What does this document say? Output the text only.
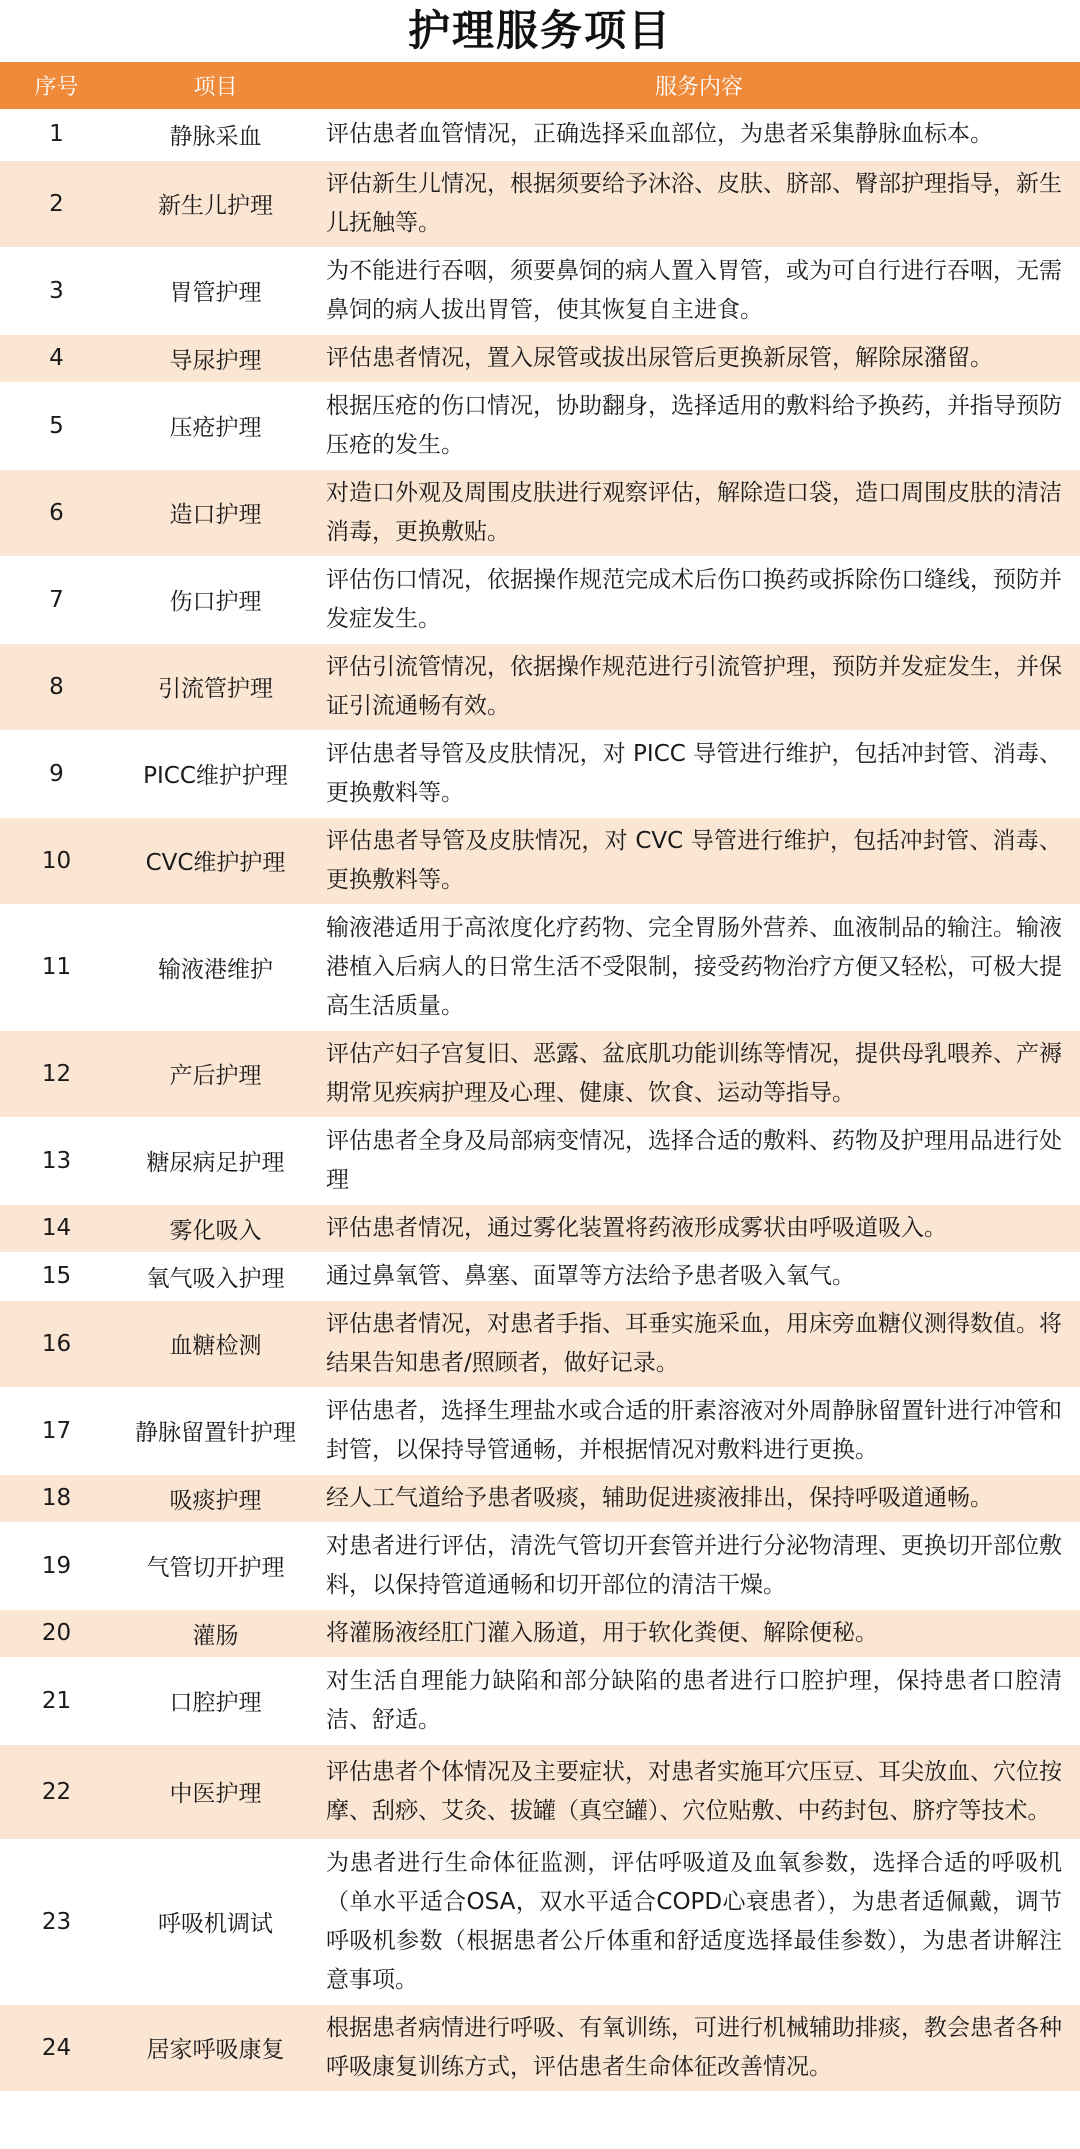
护理服务项目
序号	项目	服务内容
1	静脉采血	评估患者血管情况，正确选择采血部位，为患者采集静脉血标本。
2	新生儿护理	评估新生儿情况，根据须要给予沐浴、皮肤、脐部、臀部护理指导，新生儿抚触等。
3	胃管护理	为不能进行吞咽，须要鼻饲的病人置入胃管，或为可自行进行吞咽，无需鼻饲的病人拔出胃管，使其恢复自主进食。
4	导尿护理	评估患者情况，置入尿管或拔出尿管后更换新尿管，解除尿潴留。
5	压疮护理	根据压疮的伤口情况，协助翻身，选择适用的敷料给予换药，并指导预防压疮的发生。
6	造口护理	对造口外观及周围皮肤进行观察评估，解除造口袋，造口周围皮肤的清洁消毒，更换敷贴。
7	伤口护理	评估伤口情况，依据操作规范完成术后伤口换药或拆除伤口缝线，预防并发症发生。
8	引流管护理	评估引流管情况，依据操作规范进行引流管护理，预防并发症发生，并保证引流通畅有效。
9	PICC维护护理	评估患者导管及皮肤情况，对 PICC 导管进行维护，包括冲封管、消毒、更换敷料等。
10	CVC维护护理	评估患者导管及皮肤情况，对 CVC 导管进行维护，包括冲封管、消毒、更换敷料等。
11	输液港维护	输液港适用于高浓度化疗药物、完全胃肠外营养、血液制品的输注。输液港植入后病人的日常生活不受限制，接受药物治疗方便又轻松，可极大提高生活质量。
12	产后护理	评估产妇子宫复旧、恶露、盆底肌功能训练等情况，提供母乳喂养、产褥期常见疾病护理及心理、健康、饮食、运动等指导。
13	糖尿病足护理	评估患者全身及局部病变情况，选择合适的敷料、药物及护理用品进行处理
14	雾化吸入	评估患者情况，通过雾化装置将药液形成雾状由呼吸道吸入。
15	氧气吸入护理	通过鼻氧管、鼻塞、面罩等方法给予患者吸入氧气。
16	血糖检测	评估患者情况，对患者手指、耳垂实施采血，用床旁血糖仪测得数值。将结果告知患者/照顾者，做好记录。
17	静脉留置针护理	评估患者，选择生理盐水或合适的肝素溶液对外周静脉留置针进行冲管和封管，以保持导管通畅，并根据情况对敷料进行更换。
18	吸痰护理	经人工气道给予患者吸痰，辅助促进痰液排出，保持呼吸道通畅。
19	气管切开护理	对患者进行评估，清洗气管切开套管并进行分泌物清理、更换切开部位敷料，以保持管道通畅和切开部位的清洁干燥。
20	灌肠	将灌肠液经肛门灌入肠道，用于软化粪便、解除便秘。
21	口腔护理	对生活自理能力缺陷和部分缺陷的患者进行口腔护理，保持患者口腔清洁、舒适。
22	中医护理	评估患者个体情况及主要症状，对患者实施耳穴压豆、耳尖放血、穴位按摩、刮痧、艾灸、拔罐（真空罐）、穴位贴敷、中药封包、脐疗等技术。
23	呼吸机调试	为患者进行生命体征监测，评估呼吸道及血氧参数，选择合适的呼吸机（单水平适合OSA，双水平适合COPD心衰患者），为患者适佩戴，调节呼吸机参数（根据患者公斤体重和舒适度选择最佳参数），为患者讲解注意事项。
24	居家呼吸康复	根据患者病情进行呼吸、有氧训练，可进行机械辅助排痰，教会患者各种呼吸康复训练方式，评估患者生命体征改善情况。
